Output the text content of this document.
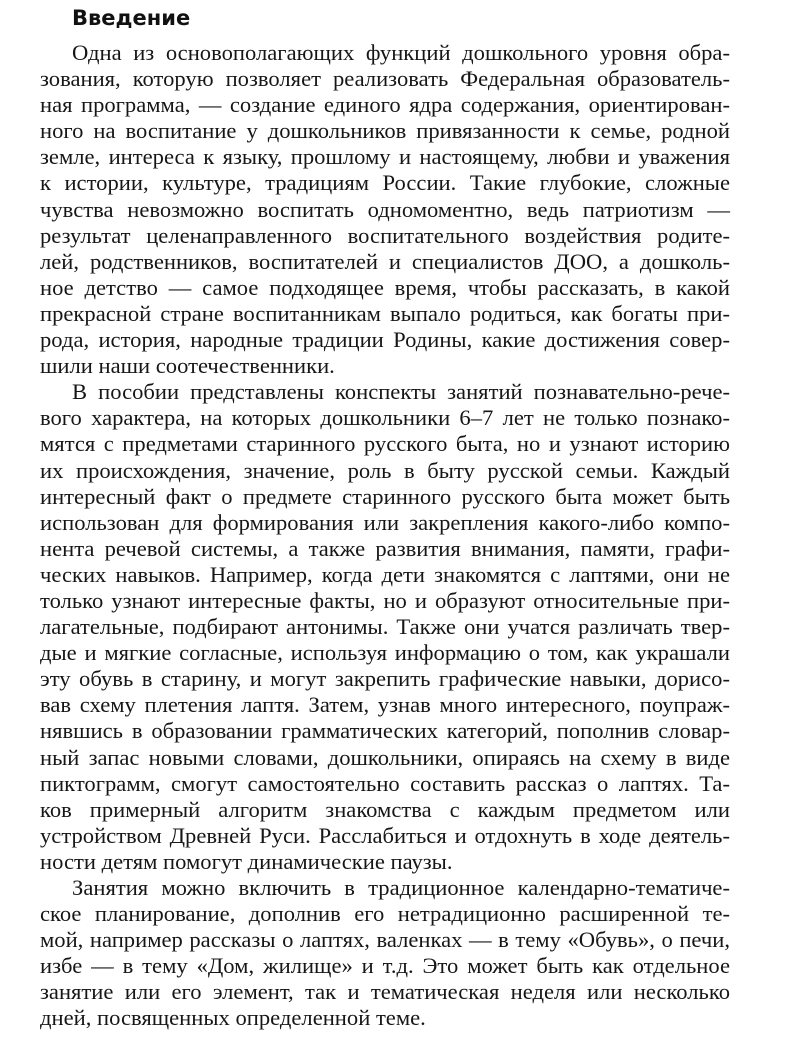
Введение
Одна из основополагающих функций дошкольного уровня обра-
зования, которую позволяет реализовать Федеральная образователь-
ная программа, — создание единого ядра содержания, ориентирован-
ного на воспитание у дошкольников привязанности к семье, родной
земле, интереса к языку, прошлому и настоящему, любви и уважения
к истории, культуре, традициям России. Такие глубокие, сложные
чувства невозможно воспитать одномоментно, ведь патриотизм —
результат целенаправленного воспитательного воздействия родите-
лей, родственников, воспитателей и специалистов ДОО, а дошколь-
ное детство — самое подходящее время, чтобы рассказать, в какой
прекрасной стране воспитанникам выпало родиться, как богаты при-
рода, история, народные традиции Родины, какие достижения совер-
шили наши соотечественники.
В пособии представлены конспекты занятий познавательно-рече-
вого характера, на которых дошкольники 6–7 лет не только познако-
мятся с предметами старинного русского быта, но и узнают историю
их происхождения, значение, роль в быту русской семьи. Каждый
интересный факт о предмете старинного русского быта может быть
использован для формирования или закрепления какого-либо компо-
нента речевой системы, а также развития внимания, памяти, графи-
ческих навыков. Например, когда дети знакомятся с лаптями, они не
только узнают интересные факты, но и образуют относительные при-
лагательные, подбирают антонимы. Также они учатся различать твер-
дые и мягкие согласные, используя информацию о том, как украшали
эту обувь в старину, и могут закрепить графические навыки, дорисо-
вав схему плетения лаптя. Затем, узнав много интересного, поупраж-
нявшись в образовании грамматических категорий, пополнив словар-
ный запас новыми словами, дошкольники, опираясь на схему в виде
пиктограмм, смогут самостоятельно составить рассказ о лаптях. Та-
ков примерный алгоритм знакомства с каждым предметом или
устройством Древней Руси. Расслабиться и отдохнуть в ходе деятель-
ности детям помогут динамические паузы.
Занятия можно включить в традиционное календарно-тематиче-
ское планирование, дополнив его нетрадиционно расширенной те-
мой, например рассказы о лаптях, валенках — в тему «Обувь», о печи,
избе — в тему «Дом, жилище» и т.д. Это может быть как отдельное
занятие или его элемент, так и тематическая неделя или несколько
дней, посвященных определенной теме.
